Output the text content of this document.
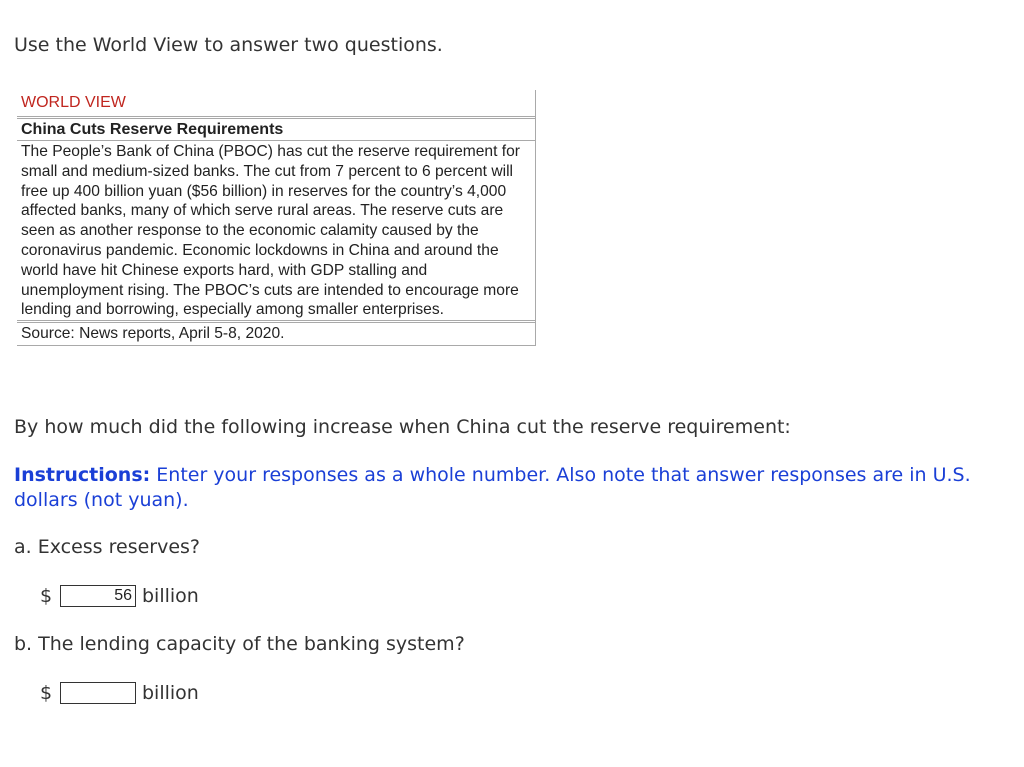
Use the World View to answer two questions.
WORLD VIEW
China Cuts Reserve Requirements
The People’s Bank of China (PBOC) has cut the reserve requirement for small and medium-sized banks. The cut from 7 percent to 6 percent will free up 400 billion yuan ($56 billion) in reserves for the country’s 4,000 affected banks, many of which serve rural areas. The reserve cuts are seen as another response to the economic calamity caused by the coronavirus pandemic. Economic lockdowns in China and around the world have hit Chinese exports hard, with GDP stalling and unemployment rising. The PBOC’s cuts are intended to encourage more lending and borrowing, especially among smaller enterprises.
Source: News reports, April 5-8, 2020.
By how much did the following increase when China cut the reserve requirement:
Instructions: Enter your responses as a whole number. Also note that answer responses are in U.S. dollars (not yuan).
a. Excess reserves?
$
56	billion
b. The lending capacity of the banking system?
$	billion
